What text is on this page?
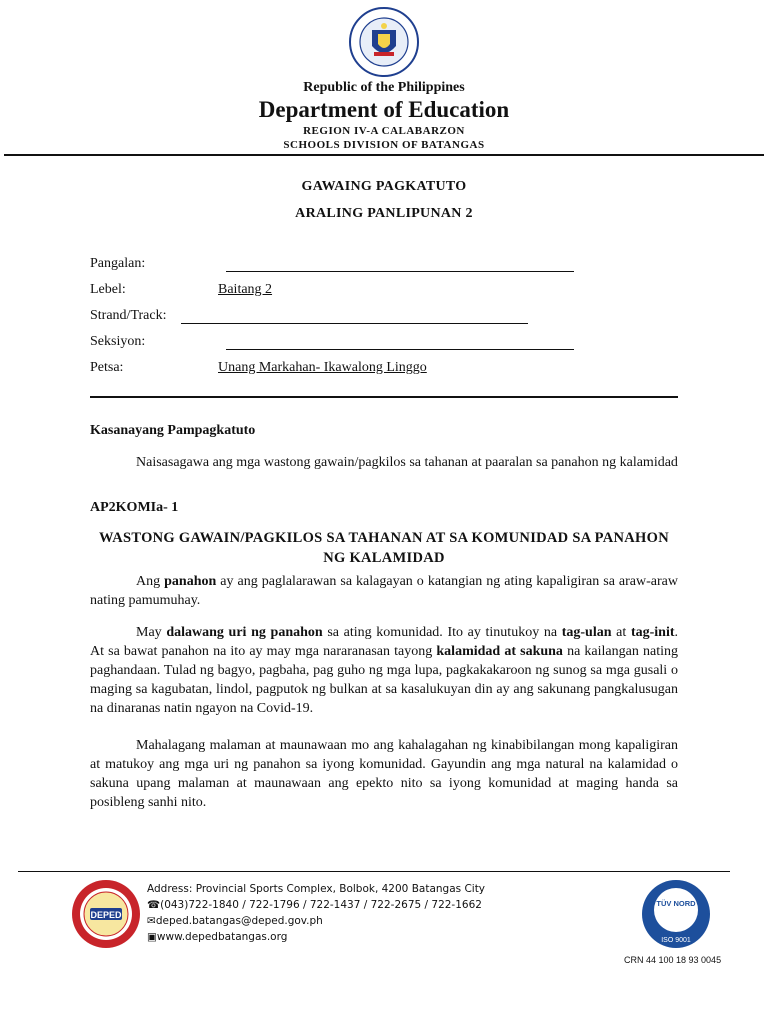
Republic of the Philippines
Department of Education
REGION IV-A CALABARZON
SCHOOLS DIVISION OF BATANGAS
GAWAING PAGKATUTO
ARALING PANLIPUNAN 2
Pangalan:
Lebel:	Baitang 2
Strand/Track:
Seksiyon:
Petsa:	Unang Markahan- Ikawalong Linggo
Kasanayang Pampagkatuto
Naisasagawa ang mga wastong gawain/pagkilos sa tahanan at paaralan sa panahon ng kalamidad
AP2KOMIa- 1
WASTONG GAWAIN/PAGKILOS SA TAHANAN AT SA KOMUNIDAD SA PANAHON
NG KALAMIDAD
Ang panahon ay ang paglalarawan sa kalagayan o katangian ng ating kapaligiran sa araw-araw nating pamumuhay.
May dalawang uri ng panahon sa ating komunidad. Ito ay tinutukoy na tag-ulan at tag-init. At sa bawat panahon na ito ay may mga nararanasan tayong kalamidad at sakuna na kailangan nating paghandaan. Tulad ng bagyo, pagbaha, pag guho ng mga lupa, pagkakakaroon ng sunog sa mga gusali o maging sa kagubatan, lindol, pagputok ng bulkan at sa kasalukuyan din ay ang sakunang pangkalusugan na dinaranas natin ngayon na Covid-19.
Mahalagang malaman at maunawaan mo ang kahalagahan ng kinabibilangan mong kapaligiran at matukoy ang mga uri ng panahon sa iyong komunidad. Gayundin ang mga natural na kalamidad o sakuna upang malaman at maunawaan ang epekto nito sa iyong komunidad at maging handa sa posibleng sanhi nito.
DEPED
Address: Provincial Sports Complex, Bolbok, 4200 Batangas City
☎(043)722-1840 / 722-1796 / 722-1437 / 722-2675 / 722-1662
✉deped.batangas@deped.gov.ph
▣www.depedbatangas.org
TÜV NORD
ISO 9001
CRN 44 100 18 93 0045
